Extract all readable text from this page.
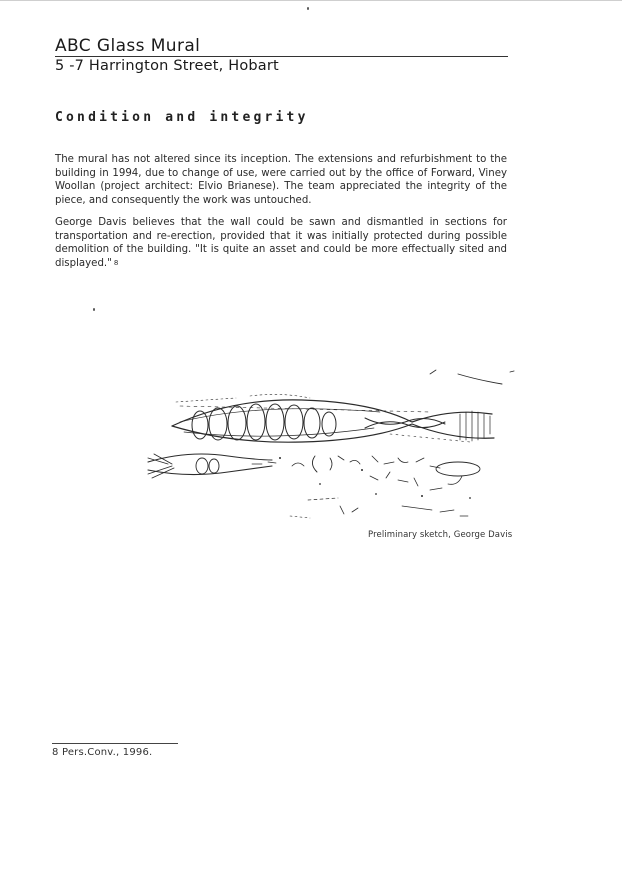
ABC Glass Mural
5 -7 Harrington Street, Hobart
Condition and integrity
The mural has not altered since its inception. The extensions and refurbishment to the building in 1994, due to change of use, were carried out by the office of Forward, Viney Woollan (project architect: Elvio Brianese). The team appreciated the integrity of the piece, and consequently the work was untouched.
George Davis believes that the wall could be sawn and dismantled in sections for transportation and re-erection, provided that it was initially protected during possible demolition of the building. "It is quite an asset and could be more effectually sited and displayed." 8
Preliminary sketch, George Davis
8 Pers.Conv., 1996.
